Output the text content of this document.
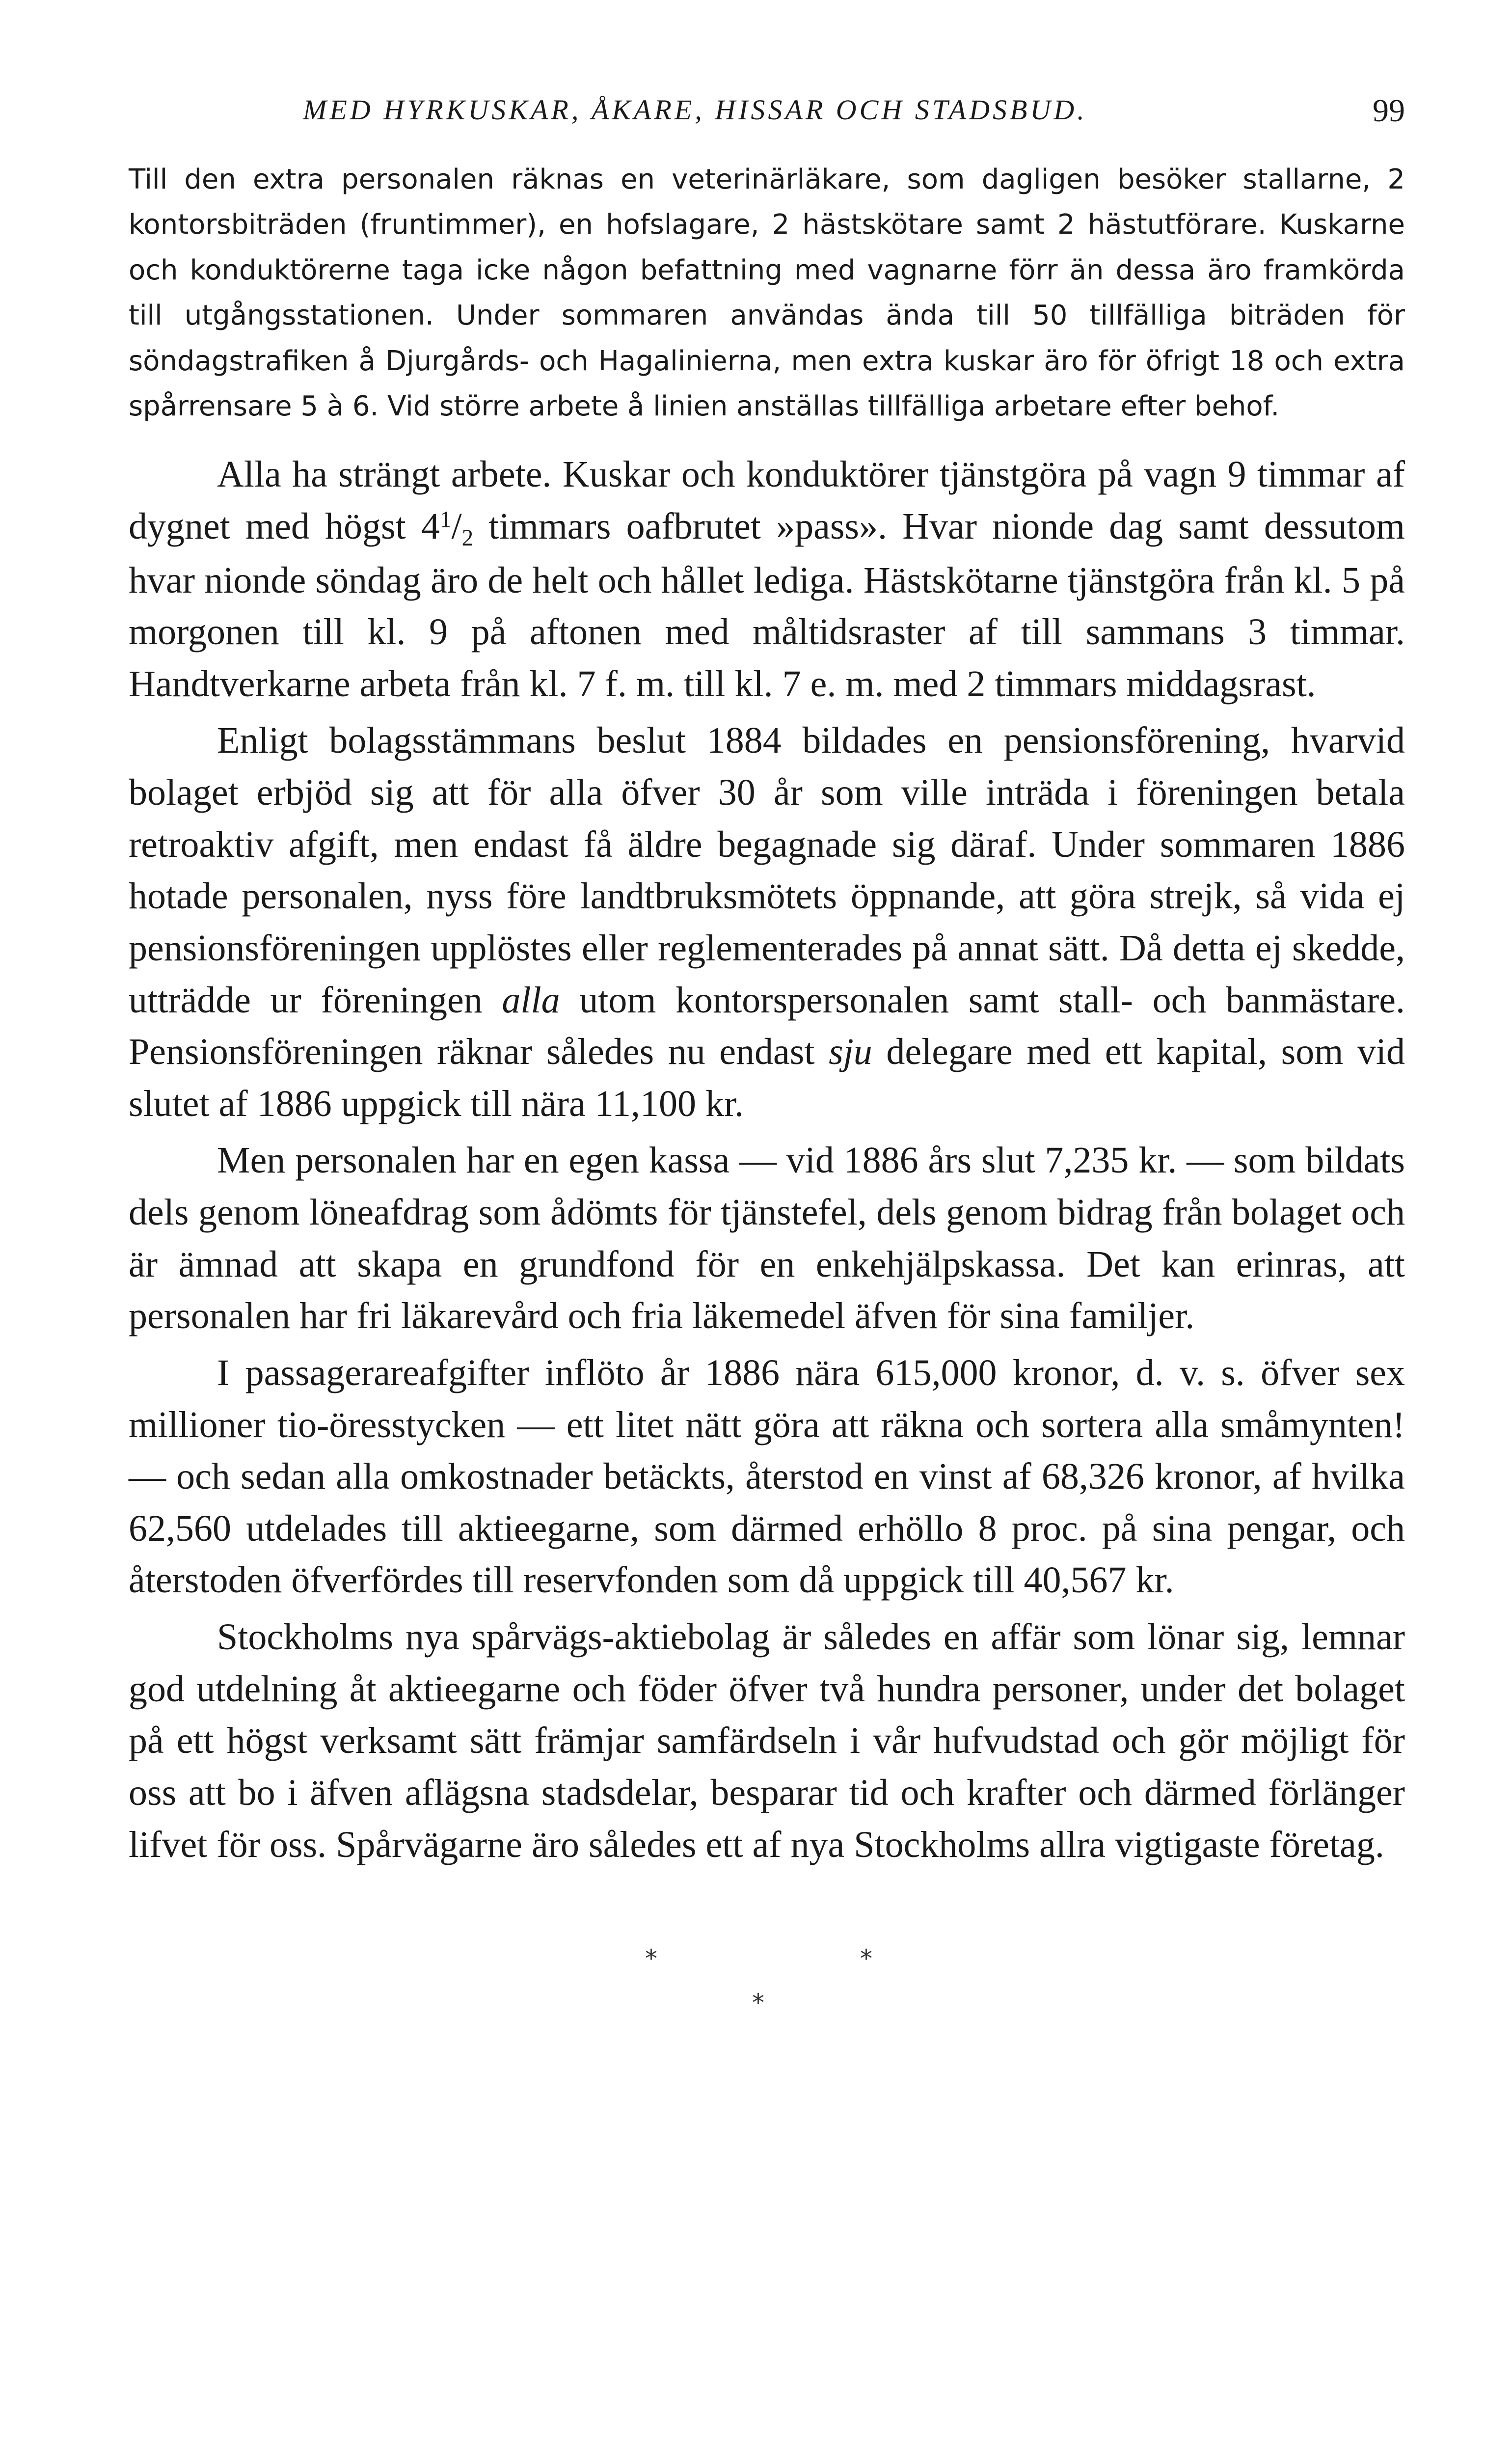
MED HYRKUSKAR, ÅKARE, HISSAR OCH STADSBUD.	99

Till den extra personalen räknas en veterinärläkare, som dagligen besöker stallarne, 2 kontorsbiträden (fruntimmer), en hofslagare, 2 hästskötare samt 2 hästutförare. Kuskarne och konduktörerne taga icke någon befattning med vagnarne förr än dessa äro framkörda till utgångsstationen. Under sommaren användas ända till 50 tillfälliga biträden för söndagstrafiken å Djurgårds- och Hagalinierna, men extra kuskar äro för öfrigt 18 och extra spårrensare 5 à 6. Vid större arbete å linien anställas tillfälliga arbetare efter behof.

Alla ha strängt arbete. Kuskar och konduktörer tjänstgöra på vagn 9 timmar af dygnet med högst $4^1/2$ timmars oafbrutet »pass». Hvar nionde dag samt dessutom hvar nionde söndag äro de helt och hållet lediga. Hästskötarne tjänstgöra från kl. 5 på morgonen till kl. 9 på aftonen med måltidsraster af till sammans 3 timmar. Handtverkarne arbeta från kl. 7 f. m. till kl. 7 e. m. med 2 timmars middagsrast.

Enligt bolagsstämmans beslut 1884 bildades en pensionsförening, hvarvid bolaget erbjöd sig att för alla öfver 30 år som ville inträda i föreningen betala retroaktiv afgift, men endast få äldre begagnade sig däraf. Under sommaren 1886 hotade personalen, nyss före landtbruksmötets öppnande, att göra strejk, så vida ej pensionsföreningen upplöstes eller reglementerades på annat sätt. Då detta ej skedde, utträdde ur föreningen alla utom kontorspersonalen samt stall- och banmästare. Pensionsföreningen räknar således nu endast sju delegare med ett kapital, som vid slutet af 1886 uppgick till nära 11,100 kr.

Men personalen har en egen kassa — vid 1886 års slut 7,235 kr. — som bildats dels genom löneafdrag som ådömts för tjänstefel, dels genom bidrag från bolaget och är ämnad att skapa en grundfond för en enkehjälpskassa. Det kan erinras, att personalen har fri läkarevård och fria läkemedel äfven för sina familjer.

I passagerareafgifter inflöto år 1886 nära 615,000 kronor, d. v. s. öfver sex millioner tio-öresstycken — ett litet nätt göra att räkna och sortera alla småmynten! — och sedan alla omkostnader betäckts, återstod en vinst af 68,326 kronor, af hvilka 62,560 utdelades till aktieegarne, som därmed erhöllo 8 proc. på sina pengar, och återstoden öfverfördes till reservfonden som då uppgick till 40,567 kr.

Stockholms nya spårvägs-aktiebolag är således en affär som lönar sig, lemnar god utdelning åt aktieegarne och föder öfver två hundra personer, under det bolaget på ett högst verksamt sätt främjar samfärdseln i vår hufvudstad och gör möjligt för oss att bo i äfven aflägsna stadsdelar, besparar tid och krafter och därmed förlänger lifvet för oss. Spårvägarne äro således ett af nya Stockholms allra vigtigaste företag.

*	*
*
